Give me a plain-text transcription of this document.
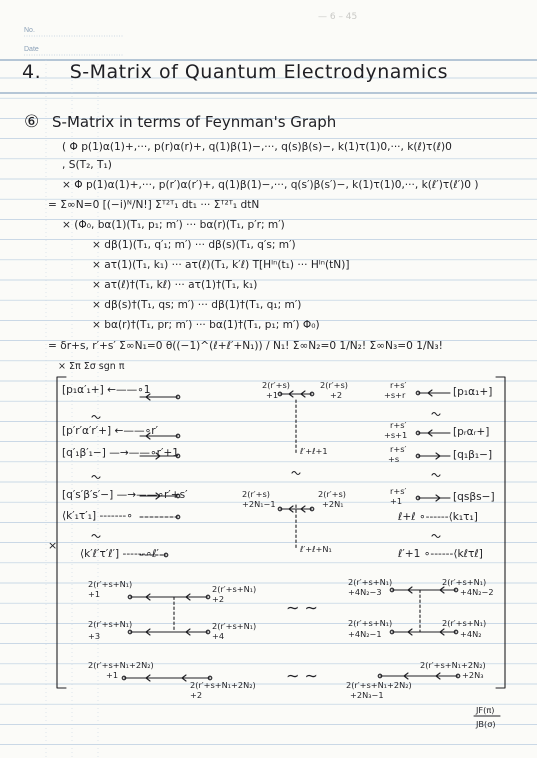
No.
Date
— 6 – 45
4. S-Matrix of Quantum Electrodynamics
⑥ S-Matrix in terms of Feynman's Graph
( Φ p(1)α(1)+,···, p(r)α(r)+, q(1)β(1)−,···, q(s)β(s)−, k(1)τ(1)0,···, k(ℓ)τ(ℓ)0
, S(T₂, T₁)
× Φ p(1)α(1)+,···, p(r′)α(r′)+, q(1)β(1)−,···, q(s′)β(s′)−, k(1)τ(1)0,···, k(ℓ′)τ(ℓ′)0 )
= Σ∞N=0 [(−i)ᴺ/N!] Σᵀ²ᵀ₁ dt₁ ··· Σᵀ²ᵀ₁ dtN
× (Φ₀, bα(1)(T₁, p₁; m′) ··· bα(r)(T₁, p′r; m′)
× dβ(1)(T₁, q′₁; m′) ··· dβ(s)(T₁, q′s; m′)
× aτ(1)(T₁, k₁) ··· aτ(ℓ)(T₁, k′ℓ) T[Hᴵⁿ(t₁) ··· Hᴵⁿ(tN)]
× aτ(ℓ)†(T₁, kℓ) ··· aτ(1)†(T₁, k₁)
× dβ(s)†(T₁, qs; m′) ··· dβ(1)†(T₁, q₁; m′)
× bα(r)†(T₁, pr; m′) ··· bα(1)†(T₁, p₁; m′) Φ₀)
= δr+s, r′+s′ Σ∞N₁=0 θ((−1)^(ℓ+ℓ′+N₁)) / N₁! Σ∞N₂=0 1/N₂! Σ∞N₃=0 1/N₃!
× Σπ Σσ sgn π
[p₁α′₁+] ←——∘1
[p′r′α′r′+] ←——∘r′
[q′₁β′₁−] —→——∘r′+1
[q′s′β′s′−] —→——∘r′+s′
⟨k′₁τ′₁] -------∘
⟨k′ℓ′τ′ℓ′] ------∘ℓ′
×
2(r′+s)
+1
2(r′+s)
+2
ℓ′+ℓ+1
2(r′+s)
+2N₁−1
2(r′+s)
+2N₁
ℓ′+ℓ+N₁
r+s′
+s+r	[p₁α₁+]
r+s′
+s+1	[pᵣαᵣ+]
r+s′
+s	[q₁β₁−]
r+s′
+1	[qsβs−]
ℓ+ℓ ∘------⟨k₁τ₁]
ℓ′+1 ∘------⟨kℓτℓ]
2(r′+s+N₁)
+1	2(r′+s+N₁)
+2
2(r′+s+N₁)
+3
2(r′+s+N₁)
+4
2(r′+s+N₁)
+4N₂−3
2(r′+s+N₁)
+4N₂−2
2(r′+s+N₁)
+4N₂−1
2(r′+s+N₁)
+4N₂
2(r′+s+N₁+2N₂)
+1
2(r′+s+N₁+2N₂)
+2
2(r′+s+N₁+2N₂)
+2N₃
2(r′+s+N₁+2N₂)
+2N₃−1
∼ ∼
∼ ∼
JF(π)
JB(σ)
